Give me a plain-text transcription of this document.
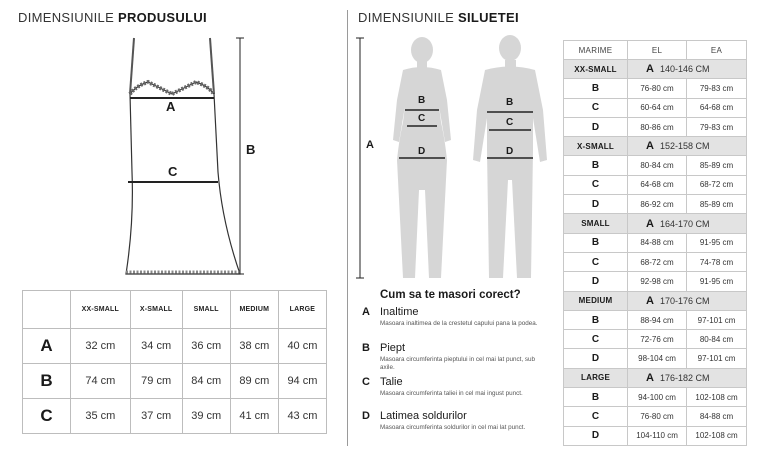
DIMENSIUNILE PRODUSULUI	DIMENSIUNILE SILUETEI
A
C
B
	XX-SMALL	X-SMALL	SMALL	MEDIUM	LARGE
A	32 cm	34 cm	36 cm	38 cm	40 cm
B	74 cm	79 cm	84 cm	89 cm	94 cm
C	35 cm	37 cm	39 cm	41 cm	43 cm
A
B
C
D
B
C
D
Cum sa te masori corect?
A Inaltime
Masoara inaltimea de la crestetul capului pana la podea.
B Piept
Masoara circumferinta pieptului in cel mai lat punct, sub axile.
C Talie
Masoara circumferinta taliei in cel mai ingust punct.
D Latimea soldurilor
Masoara circumferinta soldurilor in cel mai lat punct.
MARIME	EL	EA
XX-SMALL	A 140-146 CM	
B	76-80 cm	79-83 cm
C	60-64 cm	64-68 cm
D	80-86 cm	79-83 cm
X-SMALL	A 152-158 CM	
B	80-84 cm	85-89 cm
C	64-68 cm	68-72 cm
D	86-92 cm	85-89 cm
SMALL	A 164-170 CM	
B	84-88 cm	91-95 cm
C	68-72 cm	74-78 cm
D	92-98 cm	91-95 cm
MEDIUM	A 170-176 CM	
B	88-94 cm	97-101 cm
C	72-76 cm	80-84 cm
D	98-104 cm	97-101 cm
LARGE	A 176-182 CM	
B	94-100 cm	102-108 cm
C	76-80 cm	84-88 cm
D	104-110 cm	102-108 cm
